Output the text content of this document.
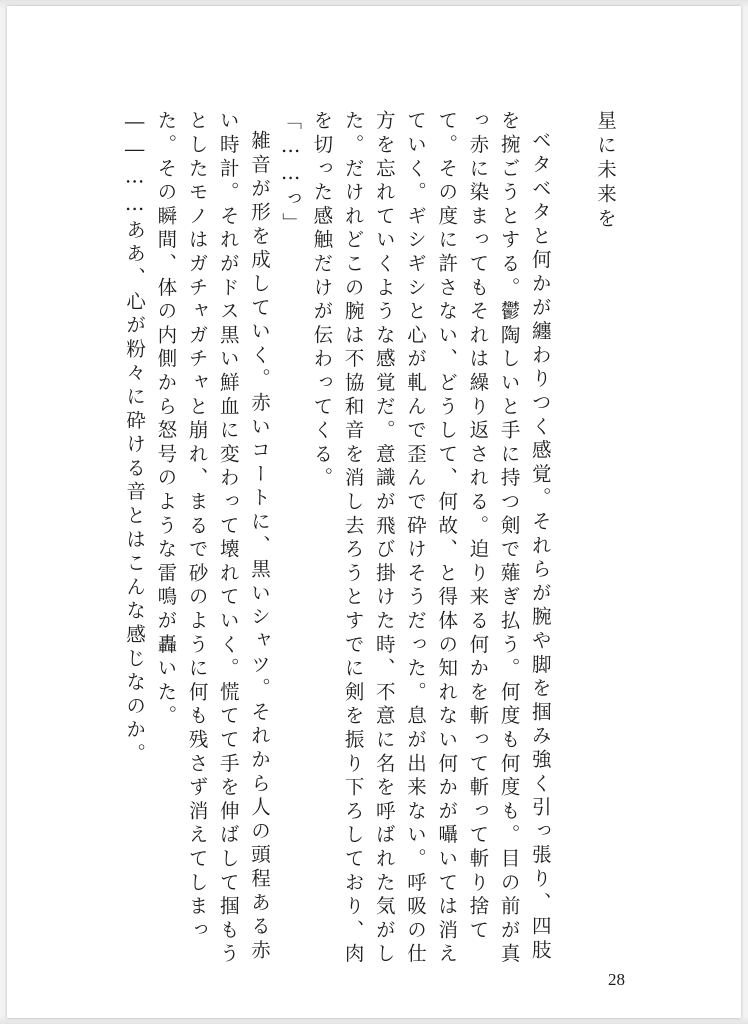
星に未来を
ベタベタと何かが纏わりつく感覚。それらが腕や脚を掴み強く引っ張り、四肢を捥ごうとする。鬱陶しいと手に持つ剣で薙ぎ払う。何度も何度も。目の前が真っ赤に染まってもそれは繰り返される。迫り来る何かを斬って斬って斬り捨てて。その度に許さない、どうして、何故、と得体の知れない何かが囁いては消えていく。ギシギシと心が軋んで歪んで砕けそうだった。息が出来ない。呼吸の仕方を忘れていくような感覚だ。意識が飛び掛けた時、不意に名を呼ばれた気がした。だけれどこの腕は不協和音を消し去ろうとすでに剣を振り下ろしており、肉を切った感触だけが伝わってくる。
「……っ」
雑音が形を成していく。赤いコートに、黒いシャツ。それから人の頭程ある赤い時計。それがドス黒い鮮血に変わって壊れていく。慌てて手を伸ばして掴もうとしたモノはガチャガチャと崩れ、まるで砂のように何も残さず消えてしまった。その瞬間、体の内側から怒号のような雷鳴が轟いた。
――……ああ、心が粉々に砕ける音とはこんな感じなのか。
28
